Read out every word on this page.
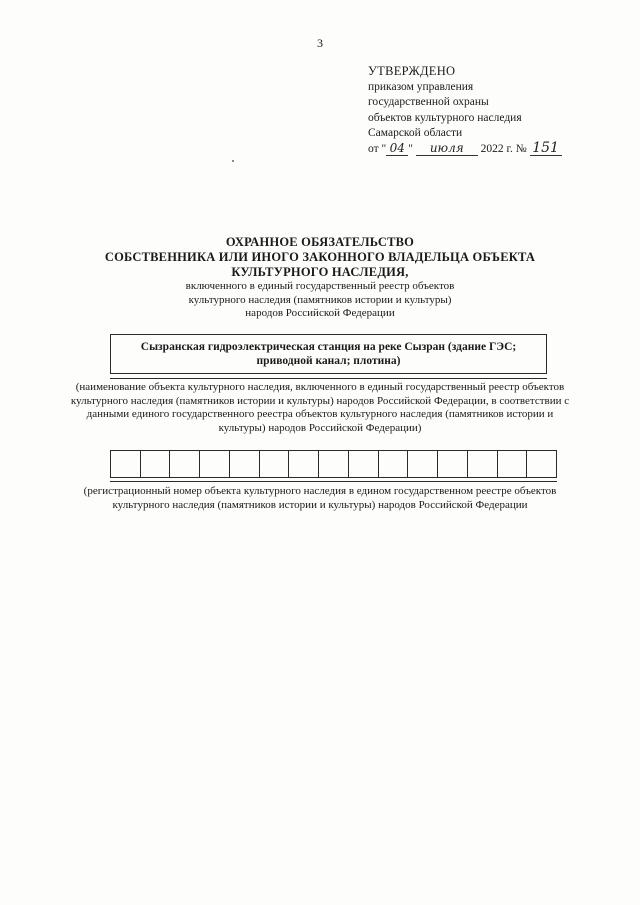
3
УТВЕРЖДЕНО
приказом управления
государственной охраны
объектов культурного наследия
Самарской области
от " 04 " июля 2022 г. № 151
ОХРАННОЕ ОБЯЗАТЕЛЬСТВО
СОБСТВЕННИКА ИЛИ ИНОГО ЗАКОННОГО ВЛАДЕЛЬЦА ОБЪЕКТА
КУЛЬТУРНОГО НАСЛЕДИЯ,
включенного в единый государственный реестр объектов
культурного наследия (памятников истории и культуры)
народов Российской Федерации
Сызранская гидроэлектрическая станция на реке Сызран (здание ГЭС; приводной канал; плотина)
(наименование объекта культурного наследия, включенного в единый государственный реестр объектов культурного наследия (памятников истории и культуры) народов Российской Федерации, в соответствии с данными единого государственного реестра объектов культурного наследия (памятников истории и культуры) народов Российской Федерации)
(регистрационный номер объекта культурного наследия в едином государственном реестре объектов культурного наследия (памятников истории и культуры) народов Российской Федерации
